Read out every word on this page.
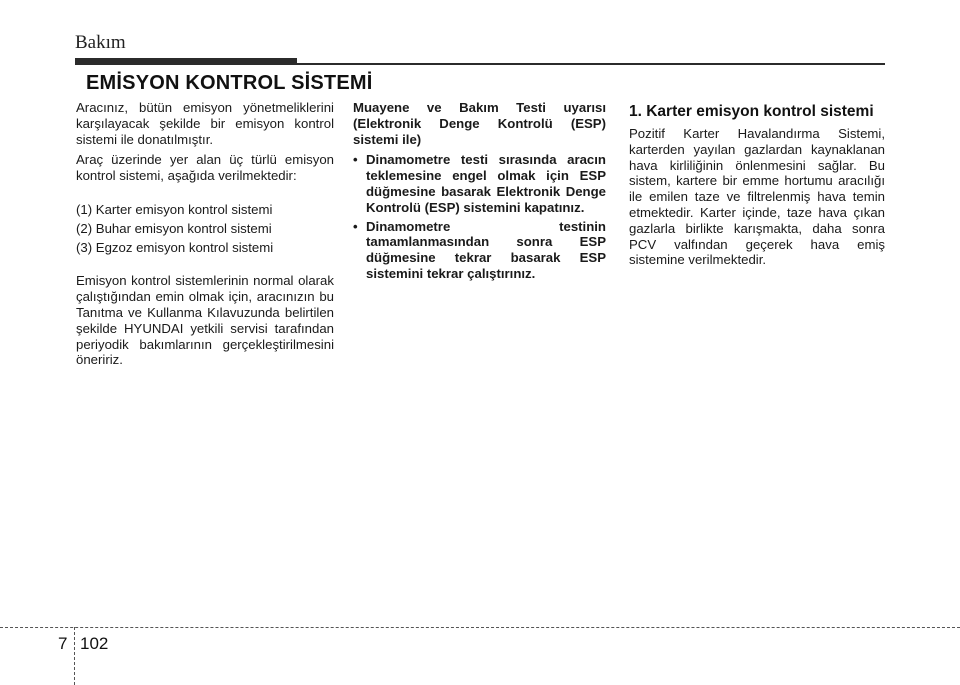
Bakım
EMİSYON KONTROL SİSTEMİ

Aracınız, bütün emisyon yönetmeliklerini karşılayacak şekilde bir emisyon kontrol sistemi ile donatılmıştır.

Araç üzerinde yer alan üç türlü emisyon kontrol sistemi, aşağıda verilmektedir:

(1) Karter emisyon kontrol sistemi
(2) Buhar emisyon kontrol sistemi
(3) Egzoz emisyon kontrol sistemi

Emisyon kontrol sistemlerinin normal olarak çalıştığından emin olmak için, aracınızın bu Tanıtma ve Kullanma Kılavuzunda belirtilen şekilde HYUNDAI yetkili servisi tarafından periyodik bakımlarının gerçekleştirilmesini öneririz.

Muayene ve Bakım Testi uyarısı (Elektronik Denge Kontrolü (ESP) sistemi ile)

• Dinamometre testi sırasında aracın teklemesine engel olmak için ESP düğmesine basarak Elektronik Denge Kontrolü (ESP) sistemini kapatınız.
• Dinamometre testinin tamamlanmasından sonra ESP düğmesine tekrar basarak ESP sistemini tekrar çalıştırınız.
1. Karter emisyon kontrol sistemi

Pozitif Karter Havalandırma Sistemi, karterden yayılan gazlardan kaynaklanan hava kirliliğinin önlenmesini sağlar. Bu sistem, kartere bir emme hortumu aracılığı ile emilen taze ve filtrelenmiş hava temin etmektedir. Karter içinde, taze hava çıkan gazlarla birlikte karışmakta, daha sonra PCV valfından geçerek hava emiş sistemine verilmektedir.

7 102
